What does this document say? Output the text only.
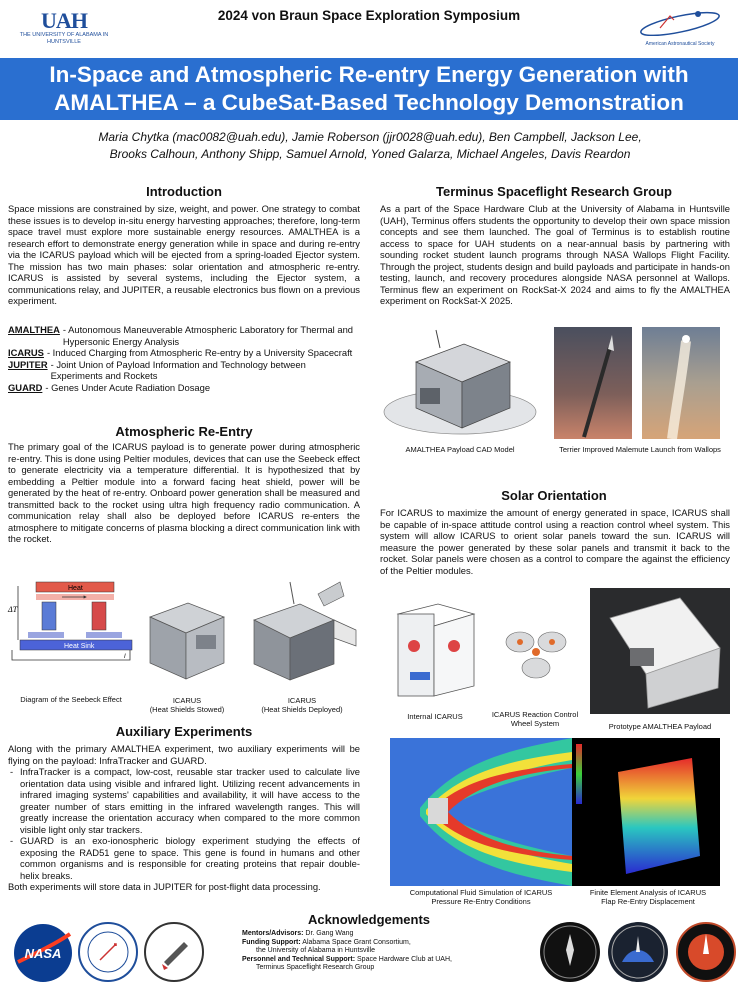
UAH
THE UNIVERSITY OF ALABAMA IN HUNTSVILLE
2024 von Braun Space Exploration Symposium
American Astronautical Society
In-Space and Atmospheric Re-entry Energy Generation with
AMALTHEA – a CubeSat-Based Technology Demonstration
Maria Chytka (mac0082@uah.edu), Jamie Roberson (jjr0028@uah.edu), Ben Campbell, Jackson Lee,
Brooks Calhoun, Anthony Shipp, Samuel Arnold, Yoned Galarza, Michael Angeles, Davis Reardon
Introduction
Space missions are constrained by size, weight, and power. One strategy to combat these issues is to develop in-situ energy harvesting approaches; therefore, long-term space travel must explore more sustainable energy resources. AMALTHEA is a research effort to demonstrate energy generation while in space and during re-entry via the ICARUS payload which will be ejected from a spring-loaded Ejector system. The mission has two main phases: solar orientation and atmospheric re-entry. ICARUS is assisted by several systems, including the Ejector system, a communications relay, and JUPITER, a reusable electronics bus flown on a previous experiment.
AMALTHEA - Autonomous Maneuverable Atmospheric Laboratory for Thermal and Hypersonic Energy Analysis
ICARUS - Induced Charging from Atmospheric Re-entry by a University Spacecraft
JUPITER - Joint Union of Payload Information and Technology between Experiments and Rockets
GUARD - Genes Under Acute Radiation Dosage
Atmospheric Re-Entry
The primary goal of the ICARUS payload is to generate power during atmospheric re-entry. This is done using Peltier modules, devices that can use the Seebeck effect to generate electricity via a temperature differential. It is hypothesized that by embedding a Peltier module into a forward facing heat shield, power will be generated by the heat of re-entry. Onboard power generation shall be measured and transmitted back to the rocket using ultra high frequency radio communication. A communication relay shall also be deployed before ICARUS re-enters the atmosphere to mitigate concerns of plasma blocking a direct communication link with the rocket.
ΔT
Heat
Heat Sink
I
Diagram of the Seebeck Effect	ICARUS
(Heat Shields Stowed)
ICARUS
(Heat Shields Deployed)
Auxiliary Experiments
Along with the primary AMALTHEA experiment, two auxiliary experiments will be flying on the payload: InfraTracker and GUARD.
- InfraTracker is a compact, low-cost, reusable star tracker used to calculate live orientation data using visible and infrared light. Utilizing recent advancements in infrared imaging systems' capabilities and availability, it will have access to the greater number of stars emitting in the infrared wavelength ranges. This will greatly increase the orientation accuracy when compared to the more common visible light only star trackers.
- GUARD is an exo-ionospheric biology experiment studying the effects of exposing the RAD51 gene to space. This gene is found in humans and other common organisms and is responsible for creating proteins that repair double-helix breaks.
Both experiments will store data in JUPITER for post-flight data processing.
Terminus Spaceflight Research Group
As a part of the Space Hardware Club at the University of Alabama in Huntsville (UAH), Terminus offers students the opportunity to develop their own space mission concepts and see them launched. The goal of Terminus is to establish routine access to space for UAH students on a near-annual basis by partnering with sounding rocket student launch programs through NASA Wallops Flight Facility. Through the project, students design and build payloads and participate in hands-on testing, launch, and recovery procedures alongside NASA personnel at Wallops. Terminus flew an experiment on RockSat-X 2024 and aims to fly the AMALTHEA experiment on RockSat-X 2025.
AMALTHEA Payload CAD Model	Terrier Improved Malemute Launch from Wallops
Solar Orientation
For ICARUS to maximize the amount of energy generated in space, ICARUS shall be capable of in-space attitude control using a reaction control wheel system. This system will allow ICARUS to orient solar panels toward the sun. ICARUS will measure the power generated by these solar panels and transmit it back to the rocket. Solar panels were chosen as a control to compare the against the efficiency of the Peltier modules.
Internal ICARUS	ICARUS Reaction Control
Wheel System	Prototype AMALTHEA Payload
Computational Fluid Simulation of ICARUS
Pressure Re-Entry Conditions
Finite Element Analysis of ICARUS
Flap Re-Entry Displacement
Acknowledgements
Mentors/Advisors: Dr. Gang Wang
Funding Support: Alabama Space Grant Consortium,
the University of Alabama in Huntsville
Personnel and Technical Support: Space Hardware Club at UAH,
Terminus Spaceflight Research Group
NASA
